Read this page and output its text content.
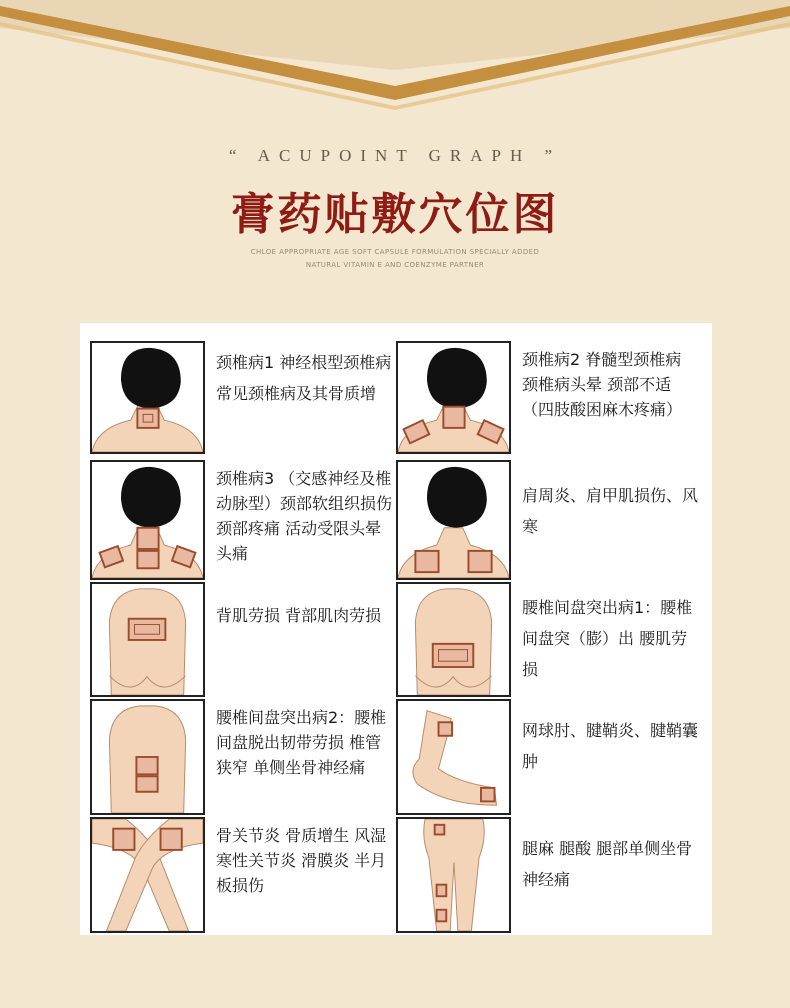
“ ACUPOINT GRAPH ”
膏药贴敷穴位图
CHLOE APPROPRIATE AGE SOFT CAPSULE FORMULATION SPECIALLY ADDED
NATURAL VITAMIN E AND COENZYME PARTNER
颈椎病1 神经根型颈椎病 常见颈椎病及其骨质增
颈椎病2 脊髓型颈椎病 颈椎病头晕 颈部不适（四肢酸困麻木疼痛）
颈椎病3 （交感神经及椎动脉型）颈部软组织损伤 颈部疼痛 活动受限头晕头痛
肩周炎、肩甲肌损伤、风寒
背肌劳损 背部肌肉劳损	腰椎间盘突出病1：腰椎间盘突（膨）出 腰肌劳损
腰椎间盘突出病2：腰椎间盘脱出韧带劳损 椎管狭窄 单侧坐骨神经痛
网球肘、腱鞘炎、腱鞘囊肿
骨关节炎 骨质增生 风湿寒性关节炎 滑膜炎 半月板损伤
腿麻 腿酸 腿部单侧坐骨神经痛
